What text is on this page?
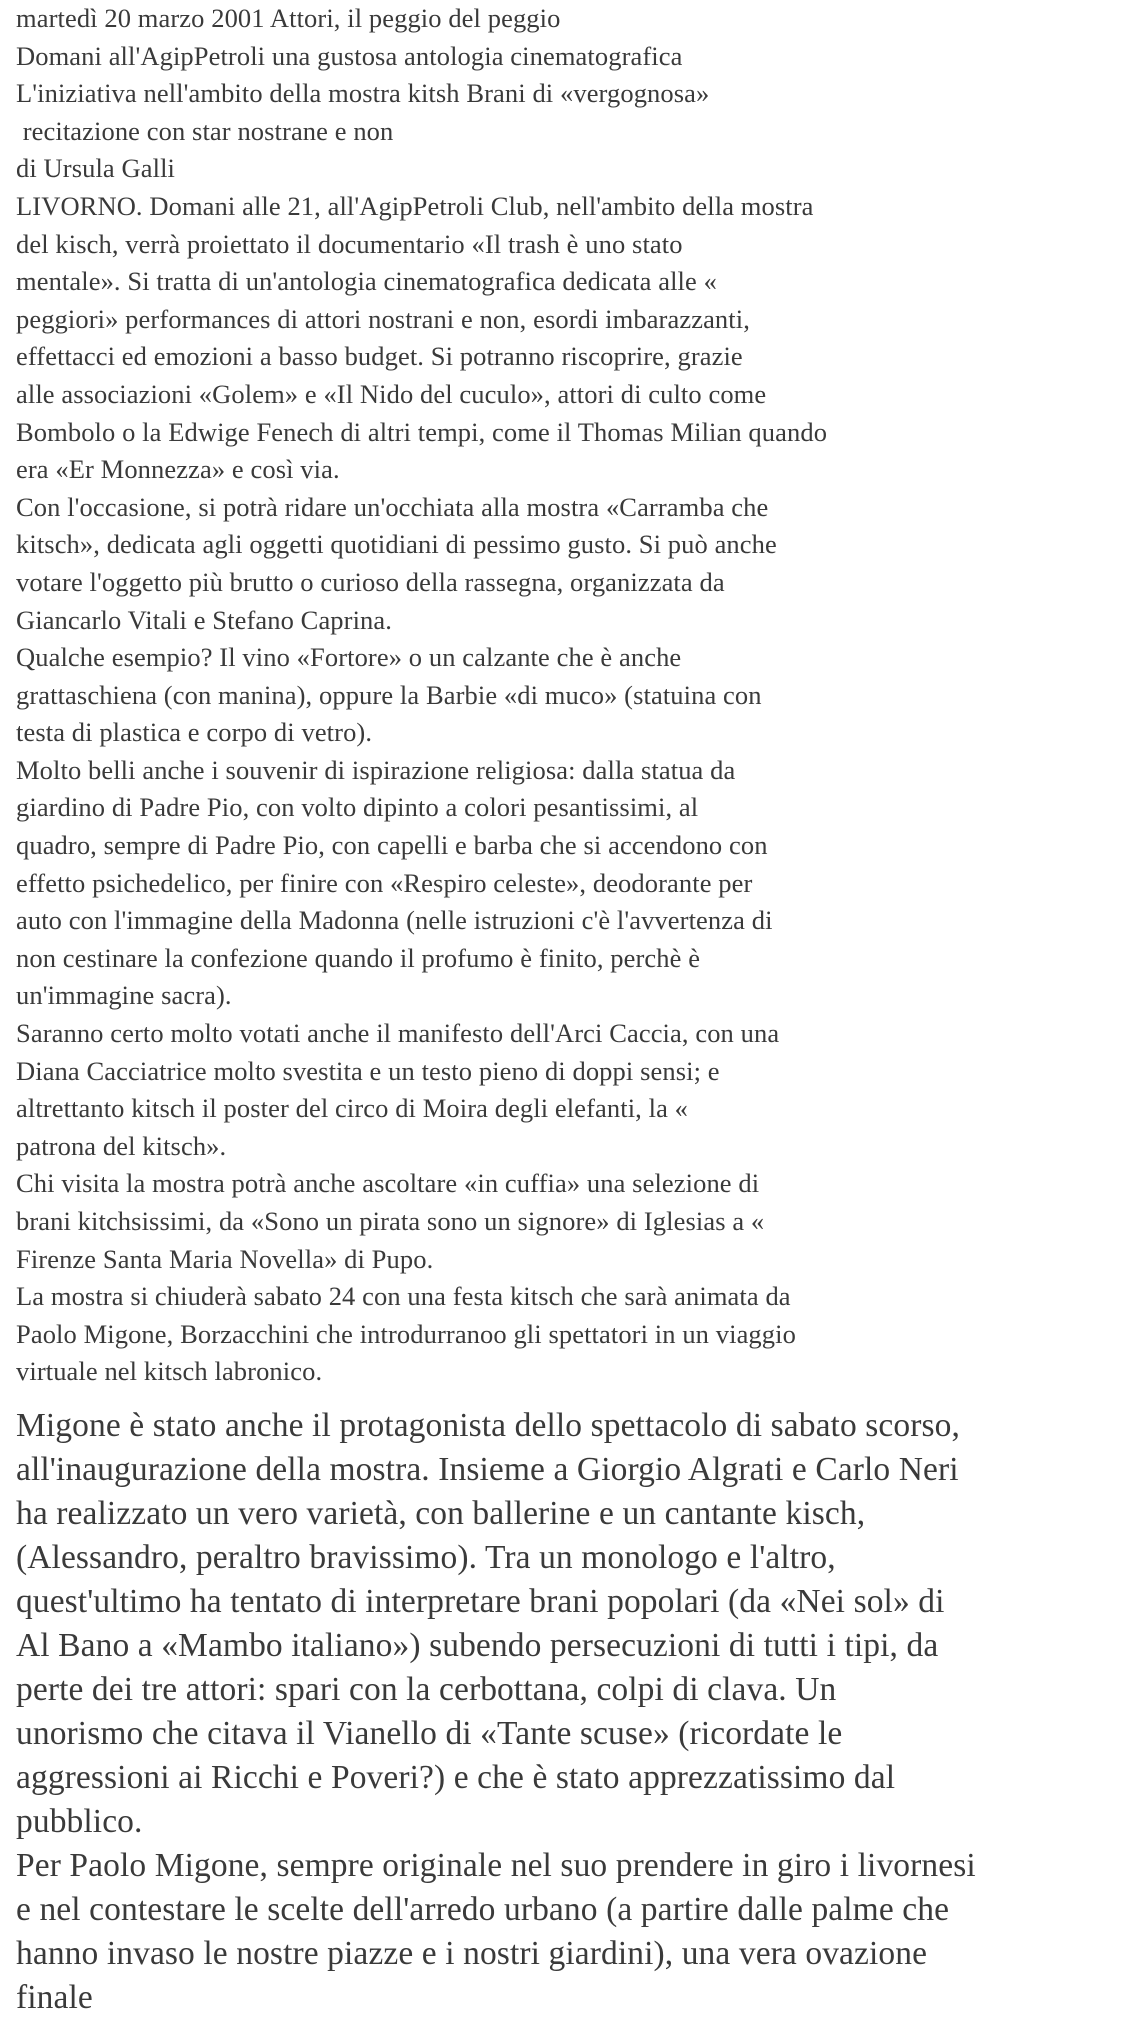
martedì 20 marzo 2001 Attori, il peggio del peggio
Domani all'AgipPetroli una gustosa antologia cinematografica
L'iniziativa nell'ambito della mostra kitsh Brani di «vergognosa»
recitazione con star nostrane e non
di Ursula Galli
LIVORNO. Domani alle 21, all'AgipPetroli Club, nell'ambito della mostra
del kisch, verrà proiettato il documentario «Il trash è uno stato
mentale». Si tratta di un'antologia cinematografica dedicata alle «
peggiori» performances di attori nostrani e non, esordi imbarazzanti,
effettacci ed emozioni a basso budget. Si potranno riscoprire, grazie
alle associazioni «Golem» e «Il Nido del cuculo», attori di culto come
Bombolo o la Edwige Fenech di altri tempi, come il Thomas Milian quando
era «Er Monnezza» e così via.
Con l'occasione, si potrà ridare un'occhiata alla mostra «Carramba che
kitsch», dedicata agli oggetti quotidiani di pessimo gusto. Si può anche
votare l'oggetto più brutto o curioso della rassegna, organizzata da
Giancarlo Vitali e Stefano Caprina.
Qualche esempio? Il vino «Fortore» o un calzante che è anche
grattaschiena (con manina), oppure la Barbie «di muco» (statuina con
testa di plastica e corpo di vetro).
Molto belli anche i souvenir di ispirazione religiosa: dalla statua da
giardino di Padre Pio, con volto dipinto a colori pesantissimi, al
quadro, sempre di Padre Pio, con capelli e barba che si accendono con
effetto psichedelico, per finire con «Respiro celeste», deodorante per
auto con l'immagine della Madonna (nelle istruzioni c'è l'avvertenza di
non cestinare la confezione quando il profumo è finito, perchè è
un'immagine sacra).
Saranno certo molto votati anche il manifesto dell'Arci Caccia, con una
Diana Cacciatrice molto svestita e un testo pieno di doppi sensi; e
altrettanto kitsch il poster del circo di Moira degli elefanti, la «
patrona del kitsch».
Chi visita la mostra potrà anche ascoltare «in cuffia» una selezione di
brani kitchsissimi, da «Sono un pirata sono un signore» di Iglesias a «
Firenze Santa Maria Novella» di Pupo.
La mostra si chiuderà sabato 24 con una festa kitsch che sarà animata da
Paolo Migone, Borzacchini che introdurranoo gli spettatori in un viaggio
virtuale nel kitsch labronico.
Migone è stato anche il protagonista dello spettacolo di sabato scorso,
all'inaugurazione della mostra. Insieme a Giorgio Algrati e Carlo Neri
ha realizzato un vero varietà, con ballerine e un cantante kisch,
(Alessandro, peraltro bravissimo). Tra un monologo e l'altro,
quest'ultimo ha tentato di interpretare brani popolari (da «Nei sol» di
Al Bano a «Mambo italiano») subendo persecuzioni di tutti i tipi, da
perte dei tre attori: spari con la cerbottana, colpi di clava. Un
unorismo che citava il Vianello di «Tante scuse» (ricordate le
aggressioni ai Ricchi e Poveri?) e che è stato apprezzatissimo dal
pubblico.
Per Paolo Migone, sempre originale nel suo prendere in giro i livornesi
e nel contestare le scelte dell'arredo urbano (a partire dalle palme che
hanno invaso le nostre piazze e i nostri giardini), una vera ovazione
finale
